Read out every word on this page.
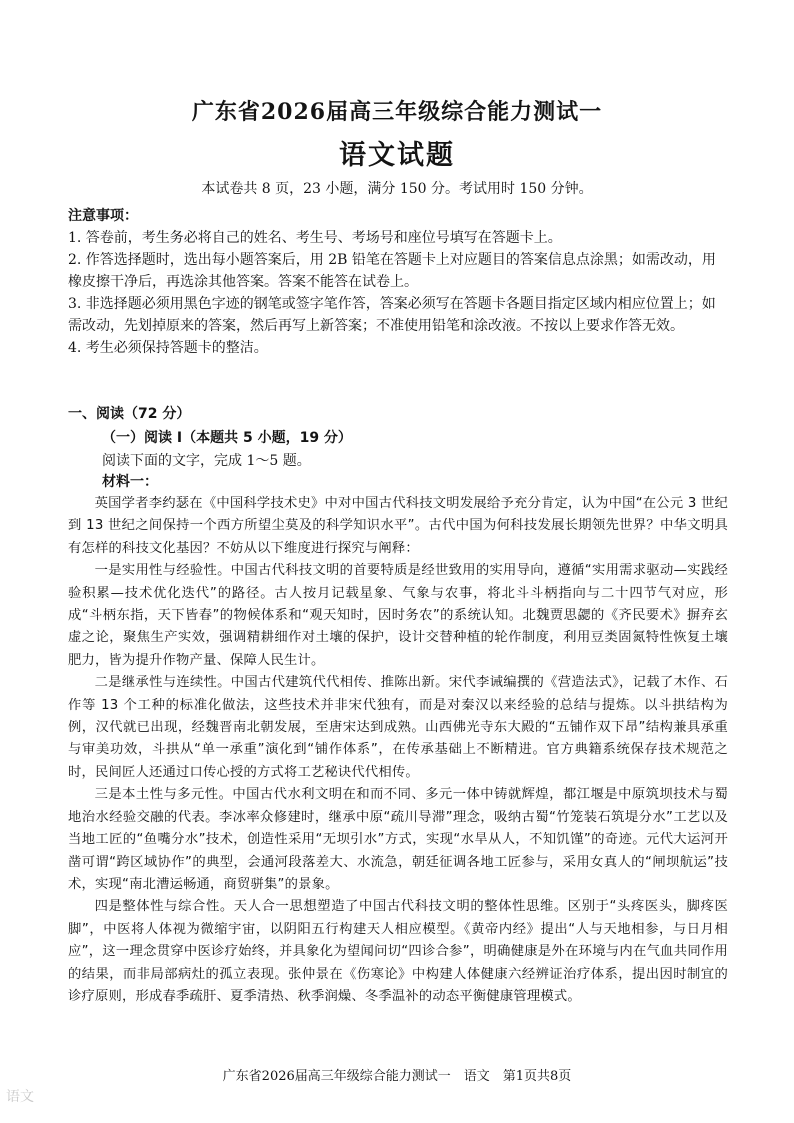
广东省2026届高三年级综合能力测试一
语文试题
本试卷共 8 页，23 小题，满分 150 分。考试用时 150 分钟。
注意事项：

1. 答卷前，考生务必将自己的姓名、考生号、考场号和座位号填写在答题卡上。

2. 作答选择题时，选出每小题答案后，用 2B 铅笔在答题卡上对应题目的答案信息点涂黑；如需改动，用橡皮擦干净后，再选涂其他答案。答案不能答在试卷上。

3. 非选择题必须用黑色字迹的钢笔或签字笔作答，答案必须写在答题卡各题目指定区域内相应位置上；如需改动，先划掉原来的答案，然后再写上新答案；不准使用铅笔和涂改液。不按以上要求作答无效。

4. 考生必须保持答题卡的整洁。

一、阅读（72 分）
（一）阅读 Ⅰ（本题共 5 小题，19 分）
阅读下面的文字，完成 1～5 题。
材料一：

英国学者李约瑟在《中国科学技术史》中对中国古代科技文明发展给予充分肯定，认为中国“在公元 3 世纪到 13 世纪之间保持一个西方所望尘莫及的科学知识水平”。古代中国为何科技发展长期领先世界？中华文明具有怎样的科技文化基因？不妨从以下维度进行探究与阐释：

一是实用性与经验性。中国古代科技文明的首要特质是经世致用的实用导向，遵循“实用需求驱动—实践经验积累—技术优化迭代”的路径。古人按月记载星象、气象与农事，将北斗斗柄指向与二十四节气对应，形成“斗柄东指，天下皆春”的物候体系和“观天知时，因时务农”的系统认知。北魏贾思勰的《齐民要术》摒弃玄虚之论，聚焦生产实效，强调精耕细作对土壤的保护，设计交替种植的轮作制度，利用豆类固氮特性恢复土壤肥力，皆为提升作物产量、保障人民生计。

二是继承性与连续性。中国古代建筑代代相传、推陈出新。宋代李诫编撰的《营造法式》，记载了木作、石作等 13 个工种的标准化做法，这些技术并非宋代独有，而是对秦汉以来经验的总结与提炼。以斗拱结构为例，汉代就已出现，经魏晋南北朝发展，至唐宋达到成熟。山西佛光寺东大殿的“五铺作双下昂”结构兼具承重与审美功效，斗拱从“单一承重”演化到“铺作体系”，在传承基础上不断精进。官方典籍系统保存技术规范之时，民间匠人还通过口传心授的方式将工艺秘诀代代相传。

三是本土性与多元性。中国古代水利文明在和而不同、多元一体中铸就辉煌，都江堰是中原筑坝技术与蜀地治水经验交融的代表。李冰率众修建时，继承中原“疏川导滞”理念，吸纳古蜀“竹笼装石筑堤分水”工艺以及当地工匠的“鱼嘴分水”技术，创造性采用“无坝引水”方式，实现“水旱从人，不知饥馑”的奇迹。元代大运河开凿可谓“跨区域协作”的典型，会通河段落差大、水流急，朝廷征调各地工匠参与，采用女真人的“闸坝航运”技术，实现“南北漕运畅通，商贸骈集”的景象。

四是整体性与综合性。天人合一思想塑造了中国古代科技文明的整体性思维。区别于“头疼医头，脚疼医脚”，中医将人体视为微缩宇宙，以阴阳五行构建天人相应模型。《黄帝内经》提出“人与天地相参，与日月相应”，这一理念贯穿中医诊疗始终，并具象化为望闻问切“四诊合参”，明确健康是外在环境与内在气血共同作用的结果，而非局部病灶的孤立表现。张仲景在《伤寒论》中构建人体健康六经辨证治疗体系，提出因时制宜的诊疗原则，形成春季疏肝、夏季清热、秋季润燥、冬季温补的动态平衡健康管理模式。

广东省2026届高三年级综合能力测试一　语文　第1页共8页
语文
